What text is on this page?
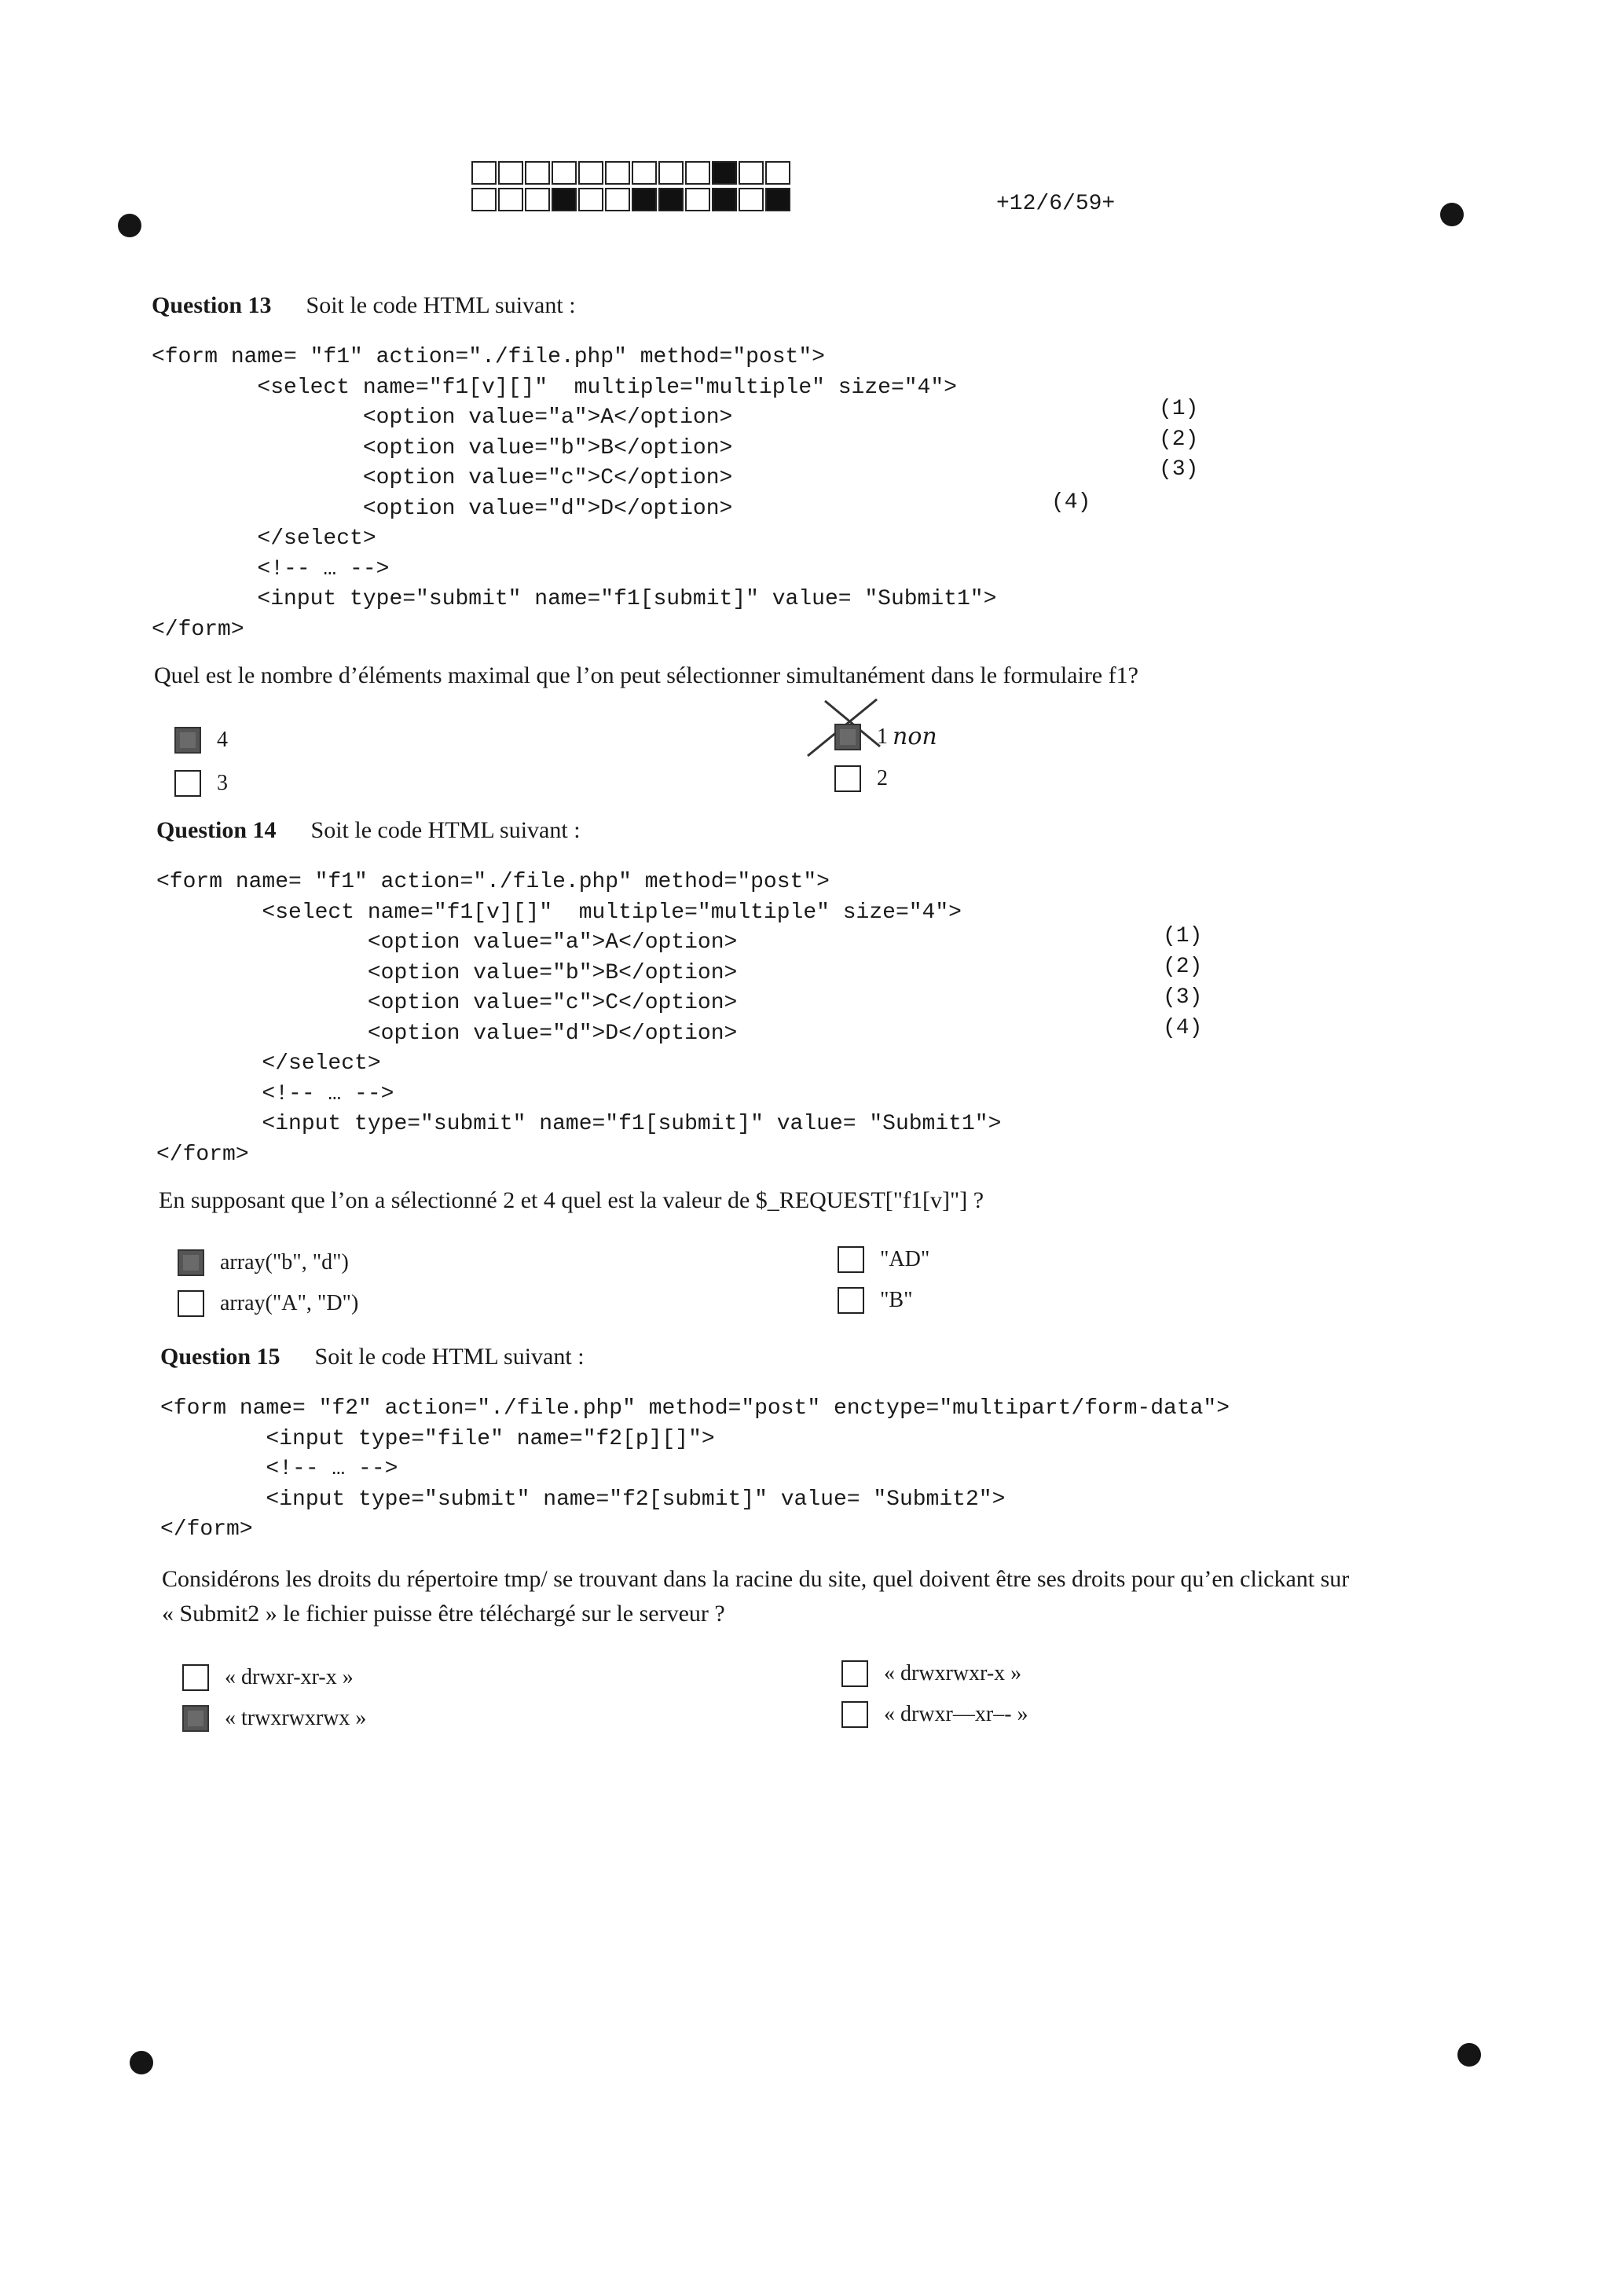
+12/6/59+
Question 13 Soit le code HTML suivant :
<form name= "f1" action="./file.php" method="post">
<select name="f1[v][]"  multiple="multiple" size="4">
<option value="a">A</option>
<option value="b">B</option>
<option value="c">C</option>
<option value="d">D</option>
</select>
<!-- … -->
<input type="submit" name="f1[submit]" value= "Submit1">
</form>
(1)
(2)
(3)
(4)
Quel est le nombre d’éléments maximal que l’on peut sélectionner simultanément dans le formulaire f1?
4
3
1 non
2
Question 14 Soit le code HTML suivant :
<form name= "f1" action="./file.php" method="post">
<select name="f1[v][]"  multiple="multiple" size="4">
<option value="a">A</option>
<option value="b">B</option>
<option value="c">C</option>
<option value="d">D</option>
</select>
<!-- … -->
<input type="submit" name="f1[submit]" value= "Submit1">
</form>
(1)
(2)
(3)
(4)
En supposant que l’on a sélectionné 2 et 4 quel est la valeur de $_REQUEST["f1[v]"] ?
array("b", "d")
array("A", "D")
"AD"
"B"
Question 15 Soit le code HTML suivant :
<form name= "f2" action="./file.php" method="post" enctype="multipart/form-data">
<input type="file" name="f2[p][]">
<!-- … -->
<input type="submit" name="f2[submit]" value= "Submit2">
</form>
Considérons les droits du répertoire tmp/ se trouvant dans la racine du site, quel doivent être ses droits pour qu’en clickant sur
« Submit2 » le fichier puisse être téléchargé sur le serveur ?
« drwxr-xr-x »
« trwxrwxrwx »
« drwxrwxr-x »
« drwxr—xr–- »
